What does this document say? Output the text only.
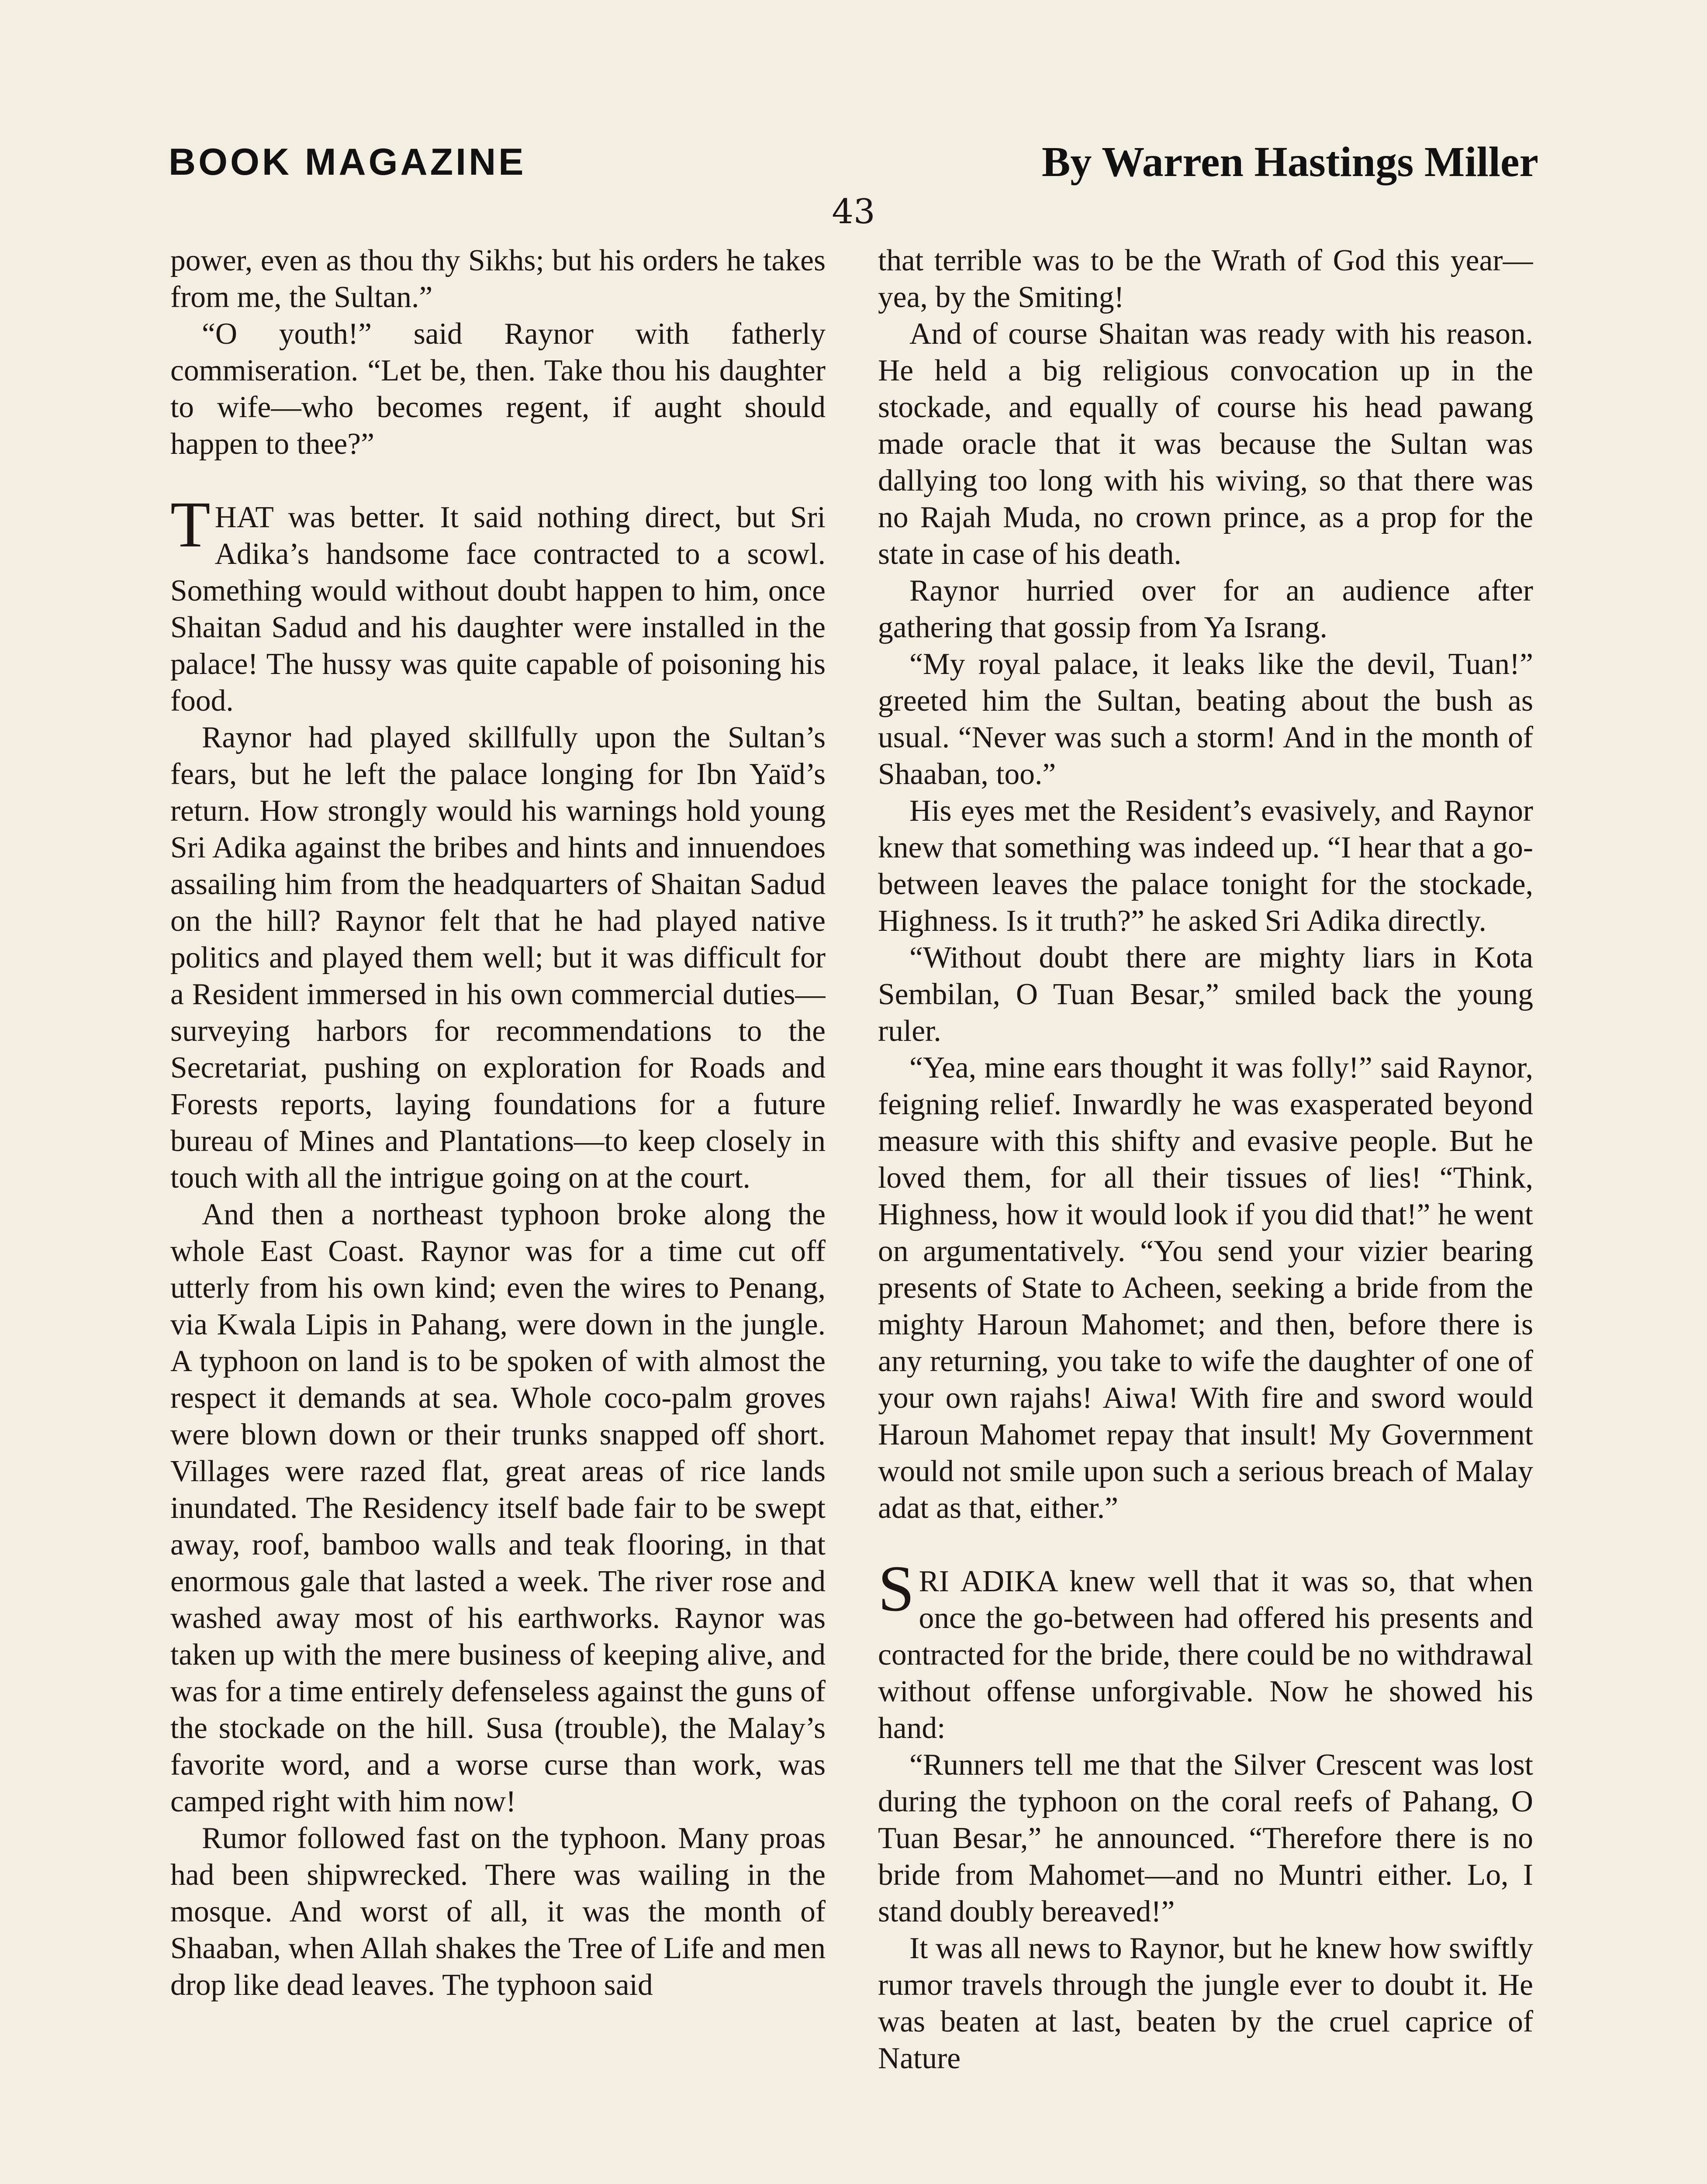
BOOK MAGAZINE	By Warren Hastings Miller
43

power, even as thou thy Sikhs; but his orders he takes from me, the Sultan.”

“O youth!” said Raynor with fatherly commiseration. “Let be, then. Take thou his daughter to wife—who becomes regent, if aught should happen to thee?”

THAT was better. It said nothing direct, but Sri Adika’s handsome face contracted to a scowl. Something would without doubt happen to him, once Shaitan Sadud and his daughter were installed in the palace! The hussy was quite capable of poisoning his food.

Raynor had played skillfully upon the Sultan’s fears, but he left the palace longing for Ibn Yaïd’s return. How strongly would his warnings hold young Sri Adika against the bribes and hints and innuendoes assailing him from the headquarters of Shaitan Sadud on the hill? Raynor felt that he had played native politics and played them well; but it was difficult for a Resident immersed in his own commercial duties—surveying harbors for recommendations to the Secretariat, pushing on exploration for Roads and Forests reports, laying foundations for a future bureau of Mines and Plantations—to keep closely in touch with all the intrigue going on at the court.

And then a northeast typhoon broke along the whole East Coast. Raynor was for a time cut off utterly from his own kind; even the wires to Penang, via Kwala Lipis in Pahang, were down in the jungle. A typhoon on land is to be spoken of with almost the respect it demands at sea. Whole coco-palm groves were blown down or their trunks snapped off short. Villages were razed flat, great areas of rice lands inundated. The Residency itself bade fair to be swept away, roof, bamboo walls and teak flooring, in that enormous gale that lasted a week. The river rose and washed away most of his earthworks. Raynor was taken up with the mere business of keeping alive, and was for a time entirely defenseless against the guns of the stockade on the hill. Susa (trouble), the Malay’s favorite word, and a worse curse than work, was camped right with him now!

Rumor followed fast on the typhoon. Many proas had been shipwrecked. There was wailing in the mosque. And worst of all, it was the month of Shaaban, when Allah shakes the Tree of Life and men drop like dead leaves. The typhoon said

that terrible was to be the Wrath of God this year—yea, by the Smiting!

And of course Shaitan was ready with his reason. He held a big religious convocation up in the stockade, and equally of course his head pawang made oracle that it was because the Sultan was dallying too long with his wiving, so that there was no Rajah Muda, no crown prince, as a prop for the state in case of his death.

Raynor hurried over for an audience after gathering that gossip from Ya Israng.

“My royal palace, it leaks like the devil, Tuan!” greeted him the Sultan, beating about the bush as usual. “Never was such a storm! And in the month of Shaaban, too.”

His eyes met the Resident’s evasively, and Raynor knew that something was indeed up. “I hear that a go-between leaves the palace tonight for the stockade, Highness. Is it truth?” he asked Sri Adika directly.

“Without doubt there are mighty liars in Kota Sembilan, O Tuan Besar,” smiled back the young ruler.

“Yea, mine ears thought it was folly!” said Raynor, feigning relief. Inwardly he was exasperated beyond measure with this shifty and evasive people. But he loved them, for all their tissues of lies! “Think, Highness, how it would look if you did that!” he went on argumentatively. “You send your vizier bearing presents of State to Acheen, seeking a bride from the mighty Haroun Mahomet; and then, before there is any returning, you take to wife the daughter of one of your own rajahs! Aiwa! With fire and sword would Haroun Mahomet repay that insult! My Government would not smile upon such a serious breach of Malay adat as that, either.”

SRI ADIKA knew well that it was so, that when once the go-between had offered his presents and contracted for the bride, there could be no withdrawal without offense unforgivable. Now he showed his hand:

“Runners tell me that the Silver Crescent was lost during the typhoon on the coral reefs of Pahang, O Tuan Besar,” he announced. “Therefore there is no bride from Mahomet—and no Muntri either. Lo, I stand doubly bereaved!”

It was all news to Raynor, but he knew how swiftly rumor travels through the jungle ever to doubt it. He was beaten at last, beaten by the cruel caprice of Nature
